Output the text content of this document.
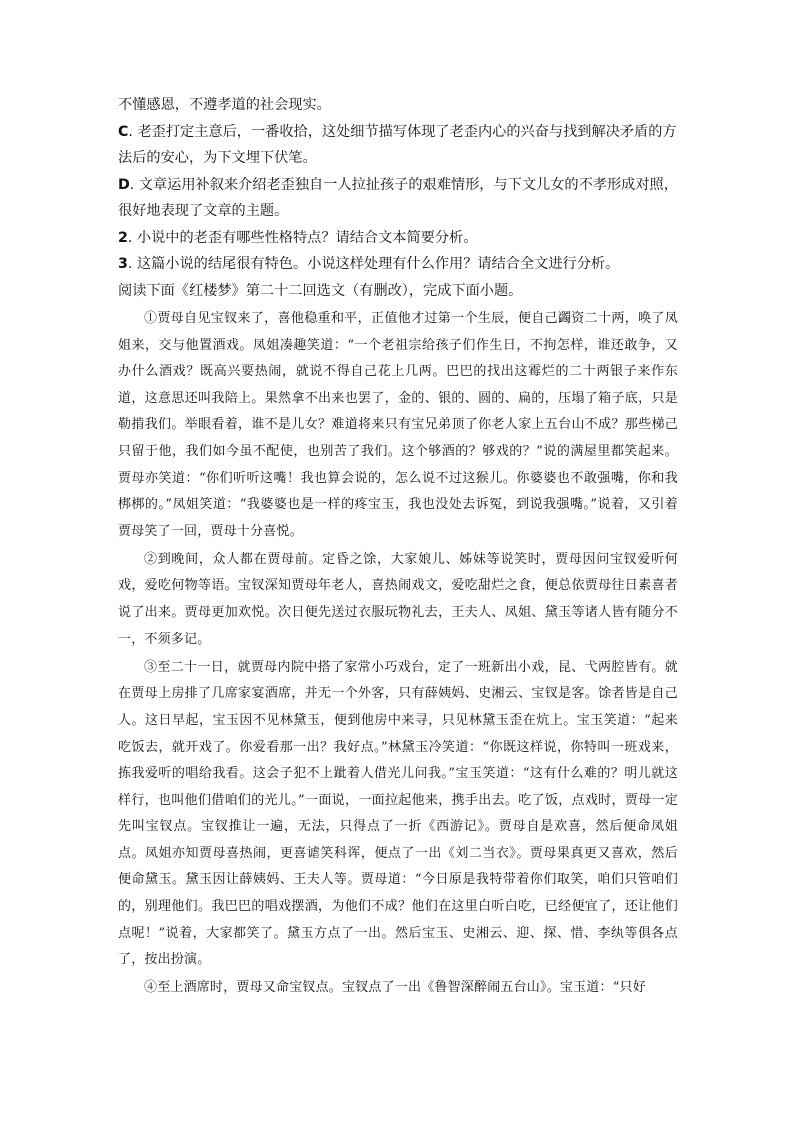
不懂感恩，不遵孝道的社会现实。

C. 老歪打定主意后，一番收拾，这处细节描写体现了老歪内心的兴奋与找到解决矛盾的方

法后的安心，为下文埋下伏笔。

D. 文章运用补叙来介绍老歪独自一人拉扯孩子的艰难情形，与下文儿女的不孝形成对照，

很好地表现了文章的主题。

2. 小说中的老歪有哪些性格特点？请结合文本简要分析。

3. 这篇小说的结尾很有特色。小说这样处理有什么作用？请结合全文进行分析。

阅读下面《红楼梦》第二十二回选文（有删改），完成下面小题。

①贾母自见宝钗来了，喜他稳重和平，正值他才过第一个生辰，便自己蠲资二十两，唤了凤姐来，交与他置酒戏。凤姐凑趣笑道：“一个老祖宗给孩子们作生日，不拘怎样，谁还敢争，又办什么酒戏？既高兴要热闹，就说不得自己花上几两。巴巴的找出这霉烂的二十两银子来作东道，这意思还叫我陪上。果然拿不出来也罢了，金的、银的、圆的、扁的，压塌了箱子底，只是勒掯我们。举眼看着，谁不是儿女？难道将来只有宝兄弟顶了你老人家上五台山不成？那些梯己只留于他，我们如今虽不配使，也别苦了我们。这个够酒的？够戏的？”说的满屋里都笑起来。贾母亦笑道：“你们听听这嘴！我也算会说的，怎么说不过这猴儿。你婆婆也不敢强嘴，你和我梆梆的。”凤姐笑道：“我婆婆也是一样的疼宝玉，我也没处去诉冤，到说我强嘴。”说着，又引着贾母笑了一回，贾母十分喜悦。

②到晚间，众人都在贾母前。定昏之馀，大家娘儿、姊妹等说笑时，贾母因问宝钗爱听何戏，爱吃何物等语。宝钗深知贾母年老人，喜热闹戏文，爱吃甜烂之食，便总依贾母往日素喜者说了出来。贾母更加欢悦。次日便先送过衣服玩物礼去，王夫人、凤姐、黛玉等诸人皆有随分不一，不须多记。

③至二十一日，就贾母内院中搭了家常小巧戏台，定了一班新出小戏，昆、弋两腔皆有。就在贾母上房排了几席家宴酒席，并无一个外客，只有薛姨妈、史湘云、宝钗是客。馀者皆是自己人。这日早起，宝玉因不见林黛玉，便到他房中来寻，只见林黛玉歪在炕上。宝玉笑道：“起来吃饭去，就开戏了。你爱看那一出？我好点。”林黛玉冷笑道：“你既这样说，你特叫一班戏来，拣我爱听的唱给我看。这会子犯不上跐着人借光儿问我。”宝玉笑道：“这有什么难的？明儿就这样行，也叫他们借咱们的光儿。”一面说，一面拉起他来，携手出去。吃了饭，点戏时，贾母一定先叫宝钗点。宝钗推让一遍，无法，只得点了一折《西游记》。贾母自是欢喜，然后便命凤姐点。凤姐亦知贾母喜热闹，更喜谑笑科诨，便点了一出《刘二当衣》。贾母果真更又喜欢，然后便命黛玉。黛玉因让薛姨妈、王夫人等。贾母道：“今日原是我特带着你们取笑，咱们只管咱们的，别理他们。我巴巴的唱戏摆酒，为他们不成？他们在这里白听白吃，已经便宜了，还让他们点呢！”说着，大家都笑了。黛玉方点了一出。然后宝玉、史湘云、迎、探、惜、李纨等俱各点了，按出扮演。

④至上酒席时，贾母又命宝钗点。宝钗点了一出《鲁智深醉闹五台山》。宝玉道：“只好
